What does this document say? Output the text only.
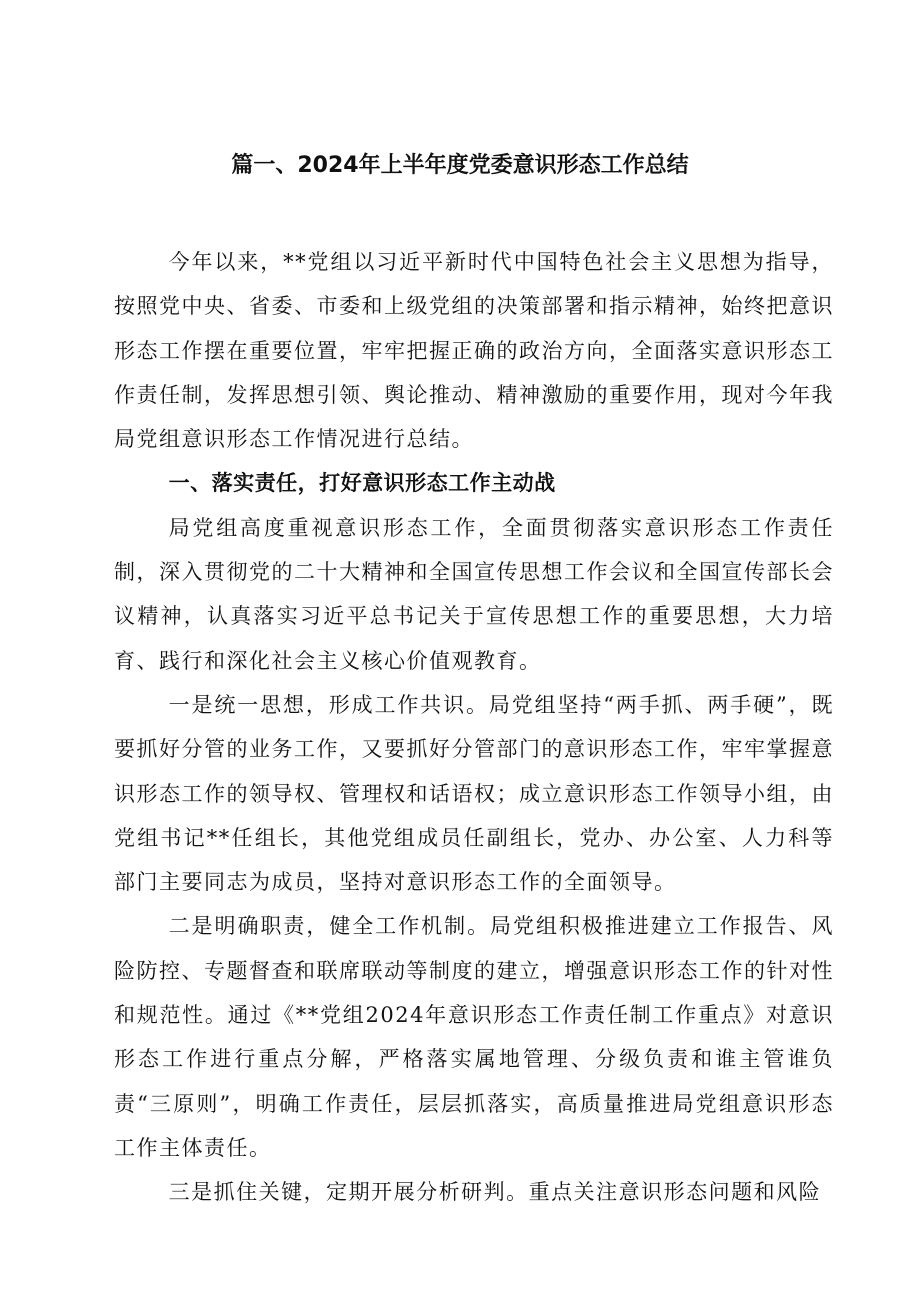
篇一、2024年上半年度党委意识形态工作总结

今年以来，**党组以习近平新时代中国特色社会主义思想为指导，按照党中央、省委、市委和上级党组的决策部署和指示精神，始终把意识形态工作摆在重要位置，牢牢把握正确的政治方向，全面落实意识形态工作责任制，发挥思想引领、舆论推动、精神激励的重要作用，现对今年我局党组意识形态工作情况进行总结。

一、落实责任，打好意识形态工作主动战

局党组高度重视意识形态工作，全面贯彻落实意识形态工作责任制，深入贯彻党的二十大精神和全国宣传思想工作会议和全国宣传部长会议精神，认真落实习近平总书记关于宣传思想工作的重要思想，大力培育、践行和深化社会主义核心价值观教育。

一是统一思想，形成工作共识。局党组坚持“两手抓、两手硬”，既要抓好分管的业务工作，又要抓好分管部门的意识形态工作，牢牢掌握意识形态工作的领导权、管理权和话语权；成立意识形态工作领导小组，由党组书记**任组长，其他党组成员任副组长，党办、办公室、人力科等部门主要同志为成员，坚持对意识形态工作的全面领导。

二是明确职责，健全工作机制。局党组积极推进建立工作报告、风险防控、专题督查和联席联动等制度的建立，增强意识形态工作的针对性和规范性。通过《**党组2024年意识形态工作责任制工作重点》对意识形态工作进行重点分解，严格落实属地管理、分级负责和谁主管谁负责“三原则”，明确工作责任，层层抓落实，高质量推进局党组意识形态工作主体责任。

三是抓住关键，定期开展分析研判。重点关注意识形态问题和风险
